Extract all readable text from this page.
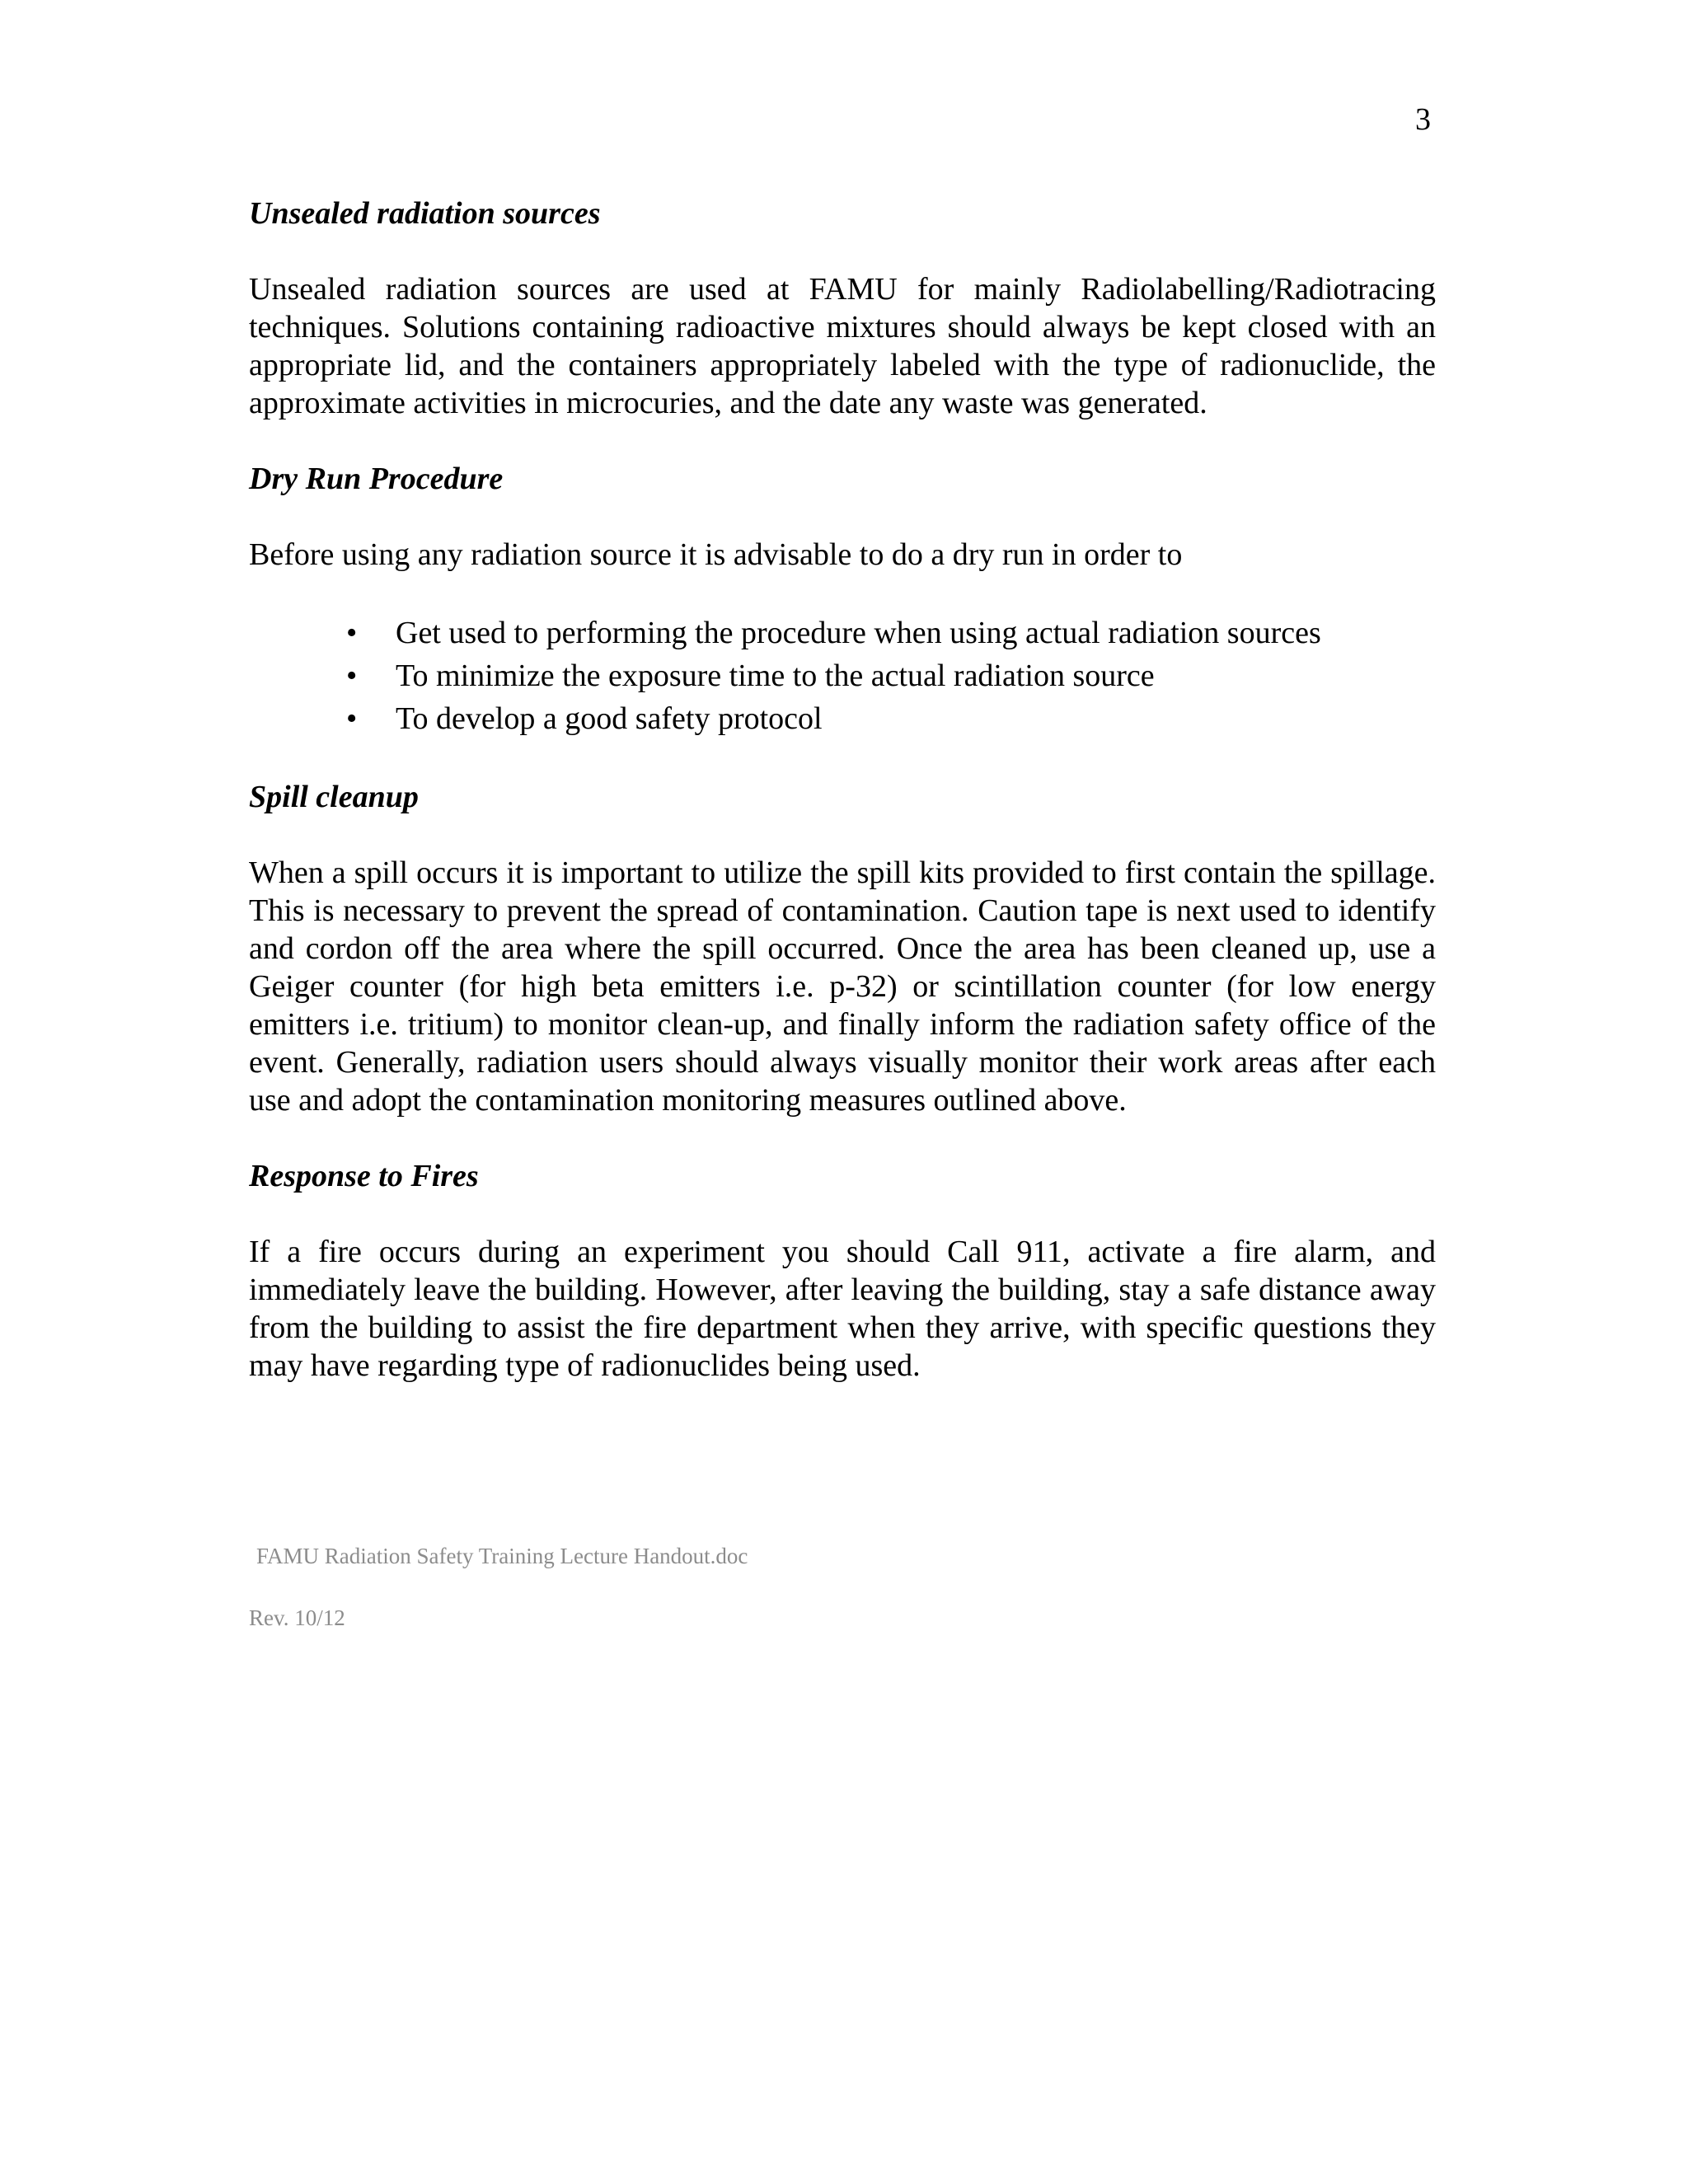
3

Unsealed radiation sources

Unsealed radiation sources are used at FAMU for mainly Radiolabelling/Radiotracing techniques. Solutions containing radioactive mixtures should always be kept closed with an appropriate lid, and the containers appropriately labeled with the type of radionuclide, the approximate activities in microcuries, and the date any waste was generated.

Dry Run Procedure

Before using any radiation source it is advisable to do a dry run in order to

• Get used to performing the procedure when using actual radiation sources
• To minimize the exposure time to the actual radiation source
• To develop a good safety protocol

Spill cleanup

When a spill occurs it is important to utilize the spill kits provided to first contain the spillage. This is necessary to prevent the spread of contamination. Caution tape is next used to identify and cordon off the area where the spill occurred. Once the area has been cleaned up, use a Geiger counter (for high beta emitters i.e. p-32) or scintillation counter (for low energy emitters i.e. tritium) to monitor clean-up, and finally inform the radiation safety office of the event. Generally, radiation users should always visually monitor their work areas after each use and adopt the contamination monitoring measures outlined above.

Response to Fires

If a fire occurs during an experiment you should Call 911, activate a fire alarm, and immediately leave the building. However, after leaving the building, stay a safe distance away from the building to assist the fire department when they arrive, with specific questions they may have regarding type of radionuclides being used.

FAMU Radiation Safety Training Lecture Handout.doc
Rev. 10/12
